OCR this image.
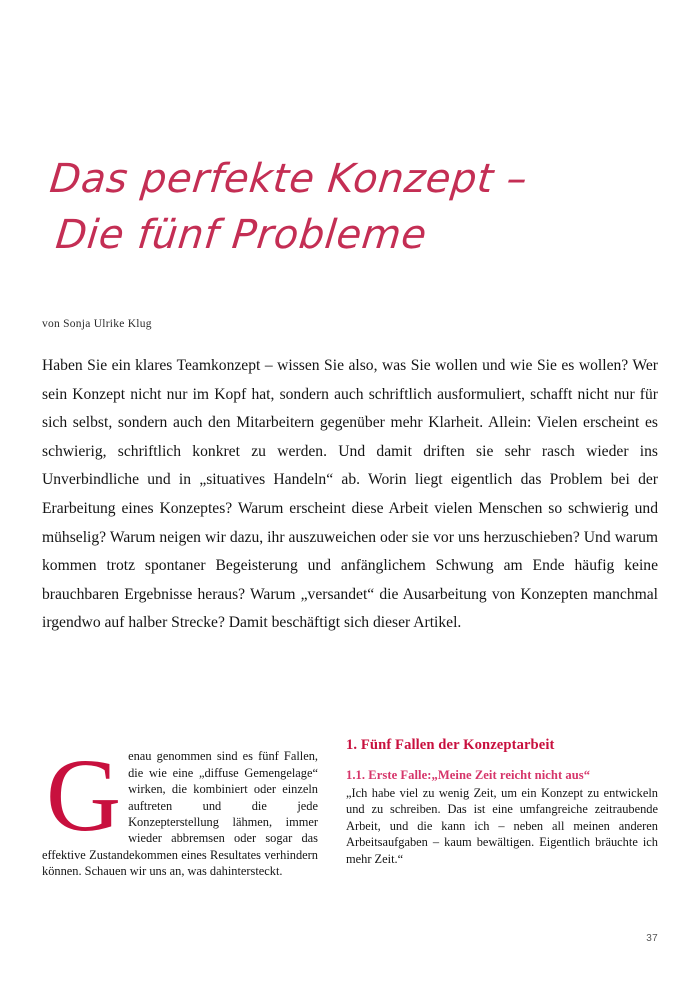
Das perfekte Konzept –
Die fünf Probleme
von Sonja Ulrike Klug
Haben Sie ein klares Teamkonzept – wissen Sie also, was Sie wollen und wie Sie es wollen? Wer sein Konzept nicht nur im Kopf hat, sondern auch schriftlich ausformuliert, schafft nicht nur für sich selbst, sondern auch den Mitarbeitern gegenüber mehr Klarheit. Allein: Vielen erscheint es schwierig, schriftlich konkret zu werden. Und damit driften sie sehr rasch wieder ins Unverbindliche und in „situatives Handeln“ ab. Worin liegt eigentlich das Problem bei der Erarbeitung eines Konzeptes? Warum erscheint diese Arbeit vielen Menschen so schwierig und mühselig? Warum neigen wir dazu, ihr auszuweichen oder sie vor uns herzuschieben? Und warum kommen trotz spontaner Begeisterung und anfänglichem Schwung am Ende häufig keine brauchbaren Ergebnisse heraus? Warum „versandet“ die Ausarbeitung von Konzepten manchmal irgendwo auf halber Strecke? Damit beschäftigt sich dieser Artikel.

Genau genommen sind es fünf Fallen, die wie eine „diffuse Gemengelage“ wirken, die kombiniert oder einzeln auftreten und die jede Konzepterstellung lähmen, immer wieder abbremsen oder sogar das effektive Zustandekommen eines Resultates verhindern können. Schauen wir uns an, was dahintersteckt.

1. Fünf Fallen der Konzeptarbeit
1.1. Erste Falle:„Meine Zeit reicht nicht aus“

„Ich habe viel zu wenig Zeit, um ein Konzept zu entwickeln und zu schreiben. Das ist eine umfangreiche zeitraubende Arbeit, und die kann ich – neben all meinen anderen Arbeitsaufgaben – kaum bewältigen. Eigentlich bräuchte ich mehr Zeit.“

37
